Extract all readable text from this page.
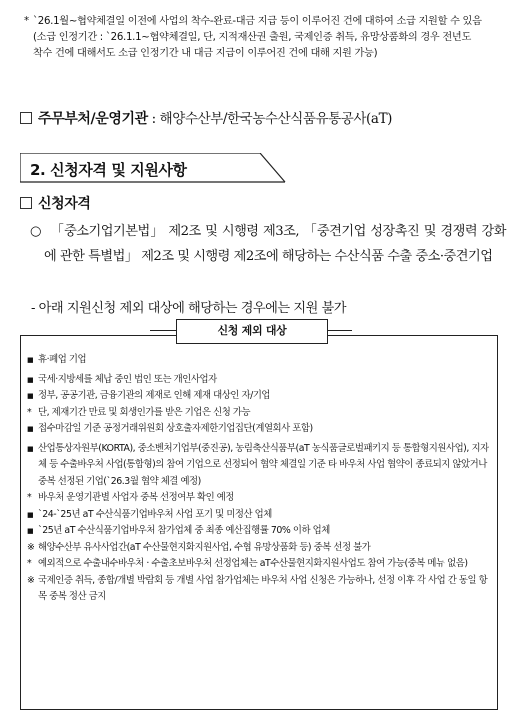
* `26.1월~협약체결일 이전에 사업의 착수-완료-대금 지급 등이 이루어진 건에 대하여 소급 지원할 수 있음(소급 인정기간 : `26.1.1~협약체결일, 단, 지적재산권 출원, 국제인증 취득, 유망상품화의 경우 전년도 착수 건에 대해서도 소급 인정기간 내 대금 지급이 이루어진 건에 대해 지원 가능)
주무부처/운영기관 : 해양수산부/한국농수산식품유통공사(aT)
2. 신청자격 및 지원사항
신청자격
○ 「중소기업기본법」 제2조 및 시행령 제3조, 「중견기업 성장촉진 및 경쟁력 강화에 관한 특별법」 제2조 및 시행령 제2조에 해당하는 수산식품 수출 중소·중견기업
- 아래 지원신청 제외 대상에 해당하는 경우에는 지원 불가
신청 제외 대상
■ 휴·폐업 기업
■ 국세·지방세를 체납 중인 법인 또는 개인사업자
■ 정부, 공공기관, 금융기관의 제재로 인해 제재 대상인 자/기업
* 단, 제재기간 만료 및 회생인가를 받은 기업은 신청 가능
■ 접수마감일 기준 공정거래위원회 상호출자제한기업집단(계열회사 포함)
■ 산업통상자원부(KORTA), 중소벤처기업부(중진공), 농림축산식품부(aT 농식품글로벌패키지 등 통합형지원사업), 지자체 등 수출바우처 사업(통합형)의 참여 기업으로 선정되어 협약 체결일 기준 타 바우처 사업 협약이 종료되지 않았거나 중복 선정된 기업(`26.3월 협약 체결 예정)
* 바우처 운영기관별 사업자 중복 선정여부 확인 예정
■ `24-`25년 aT 수산식품기업바우처 사업 포기 및 미정산 업체
■ `25년 aT 수산식품기업바우처 참가업체 중 최종 예산집행률 70% 이하 업체
※ 해양수산부 유사사업간(aT 수산물현지화지원사업, 수협 유망상품화 등) 중복 선정 불가
* 예외적으로 수출내수바우처 · 수출초보바우처 선정업체는 aT수산물현지화지원사업도 참여 가능(중복 메뉴 없음)
※ 국제인증 취득, 종합/개별 박람회 등 개별 사업 참가업체는 바우처 사업 신청은 가능하나, 선정 이후 각 사업 간 동일 항목 중복 정산 금지
